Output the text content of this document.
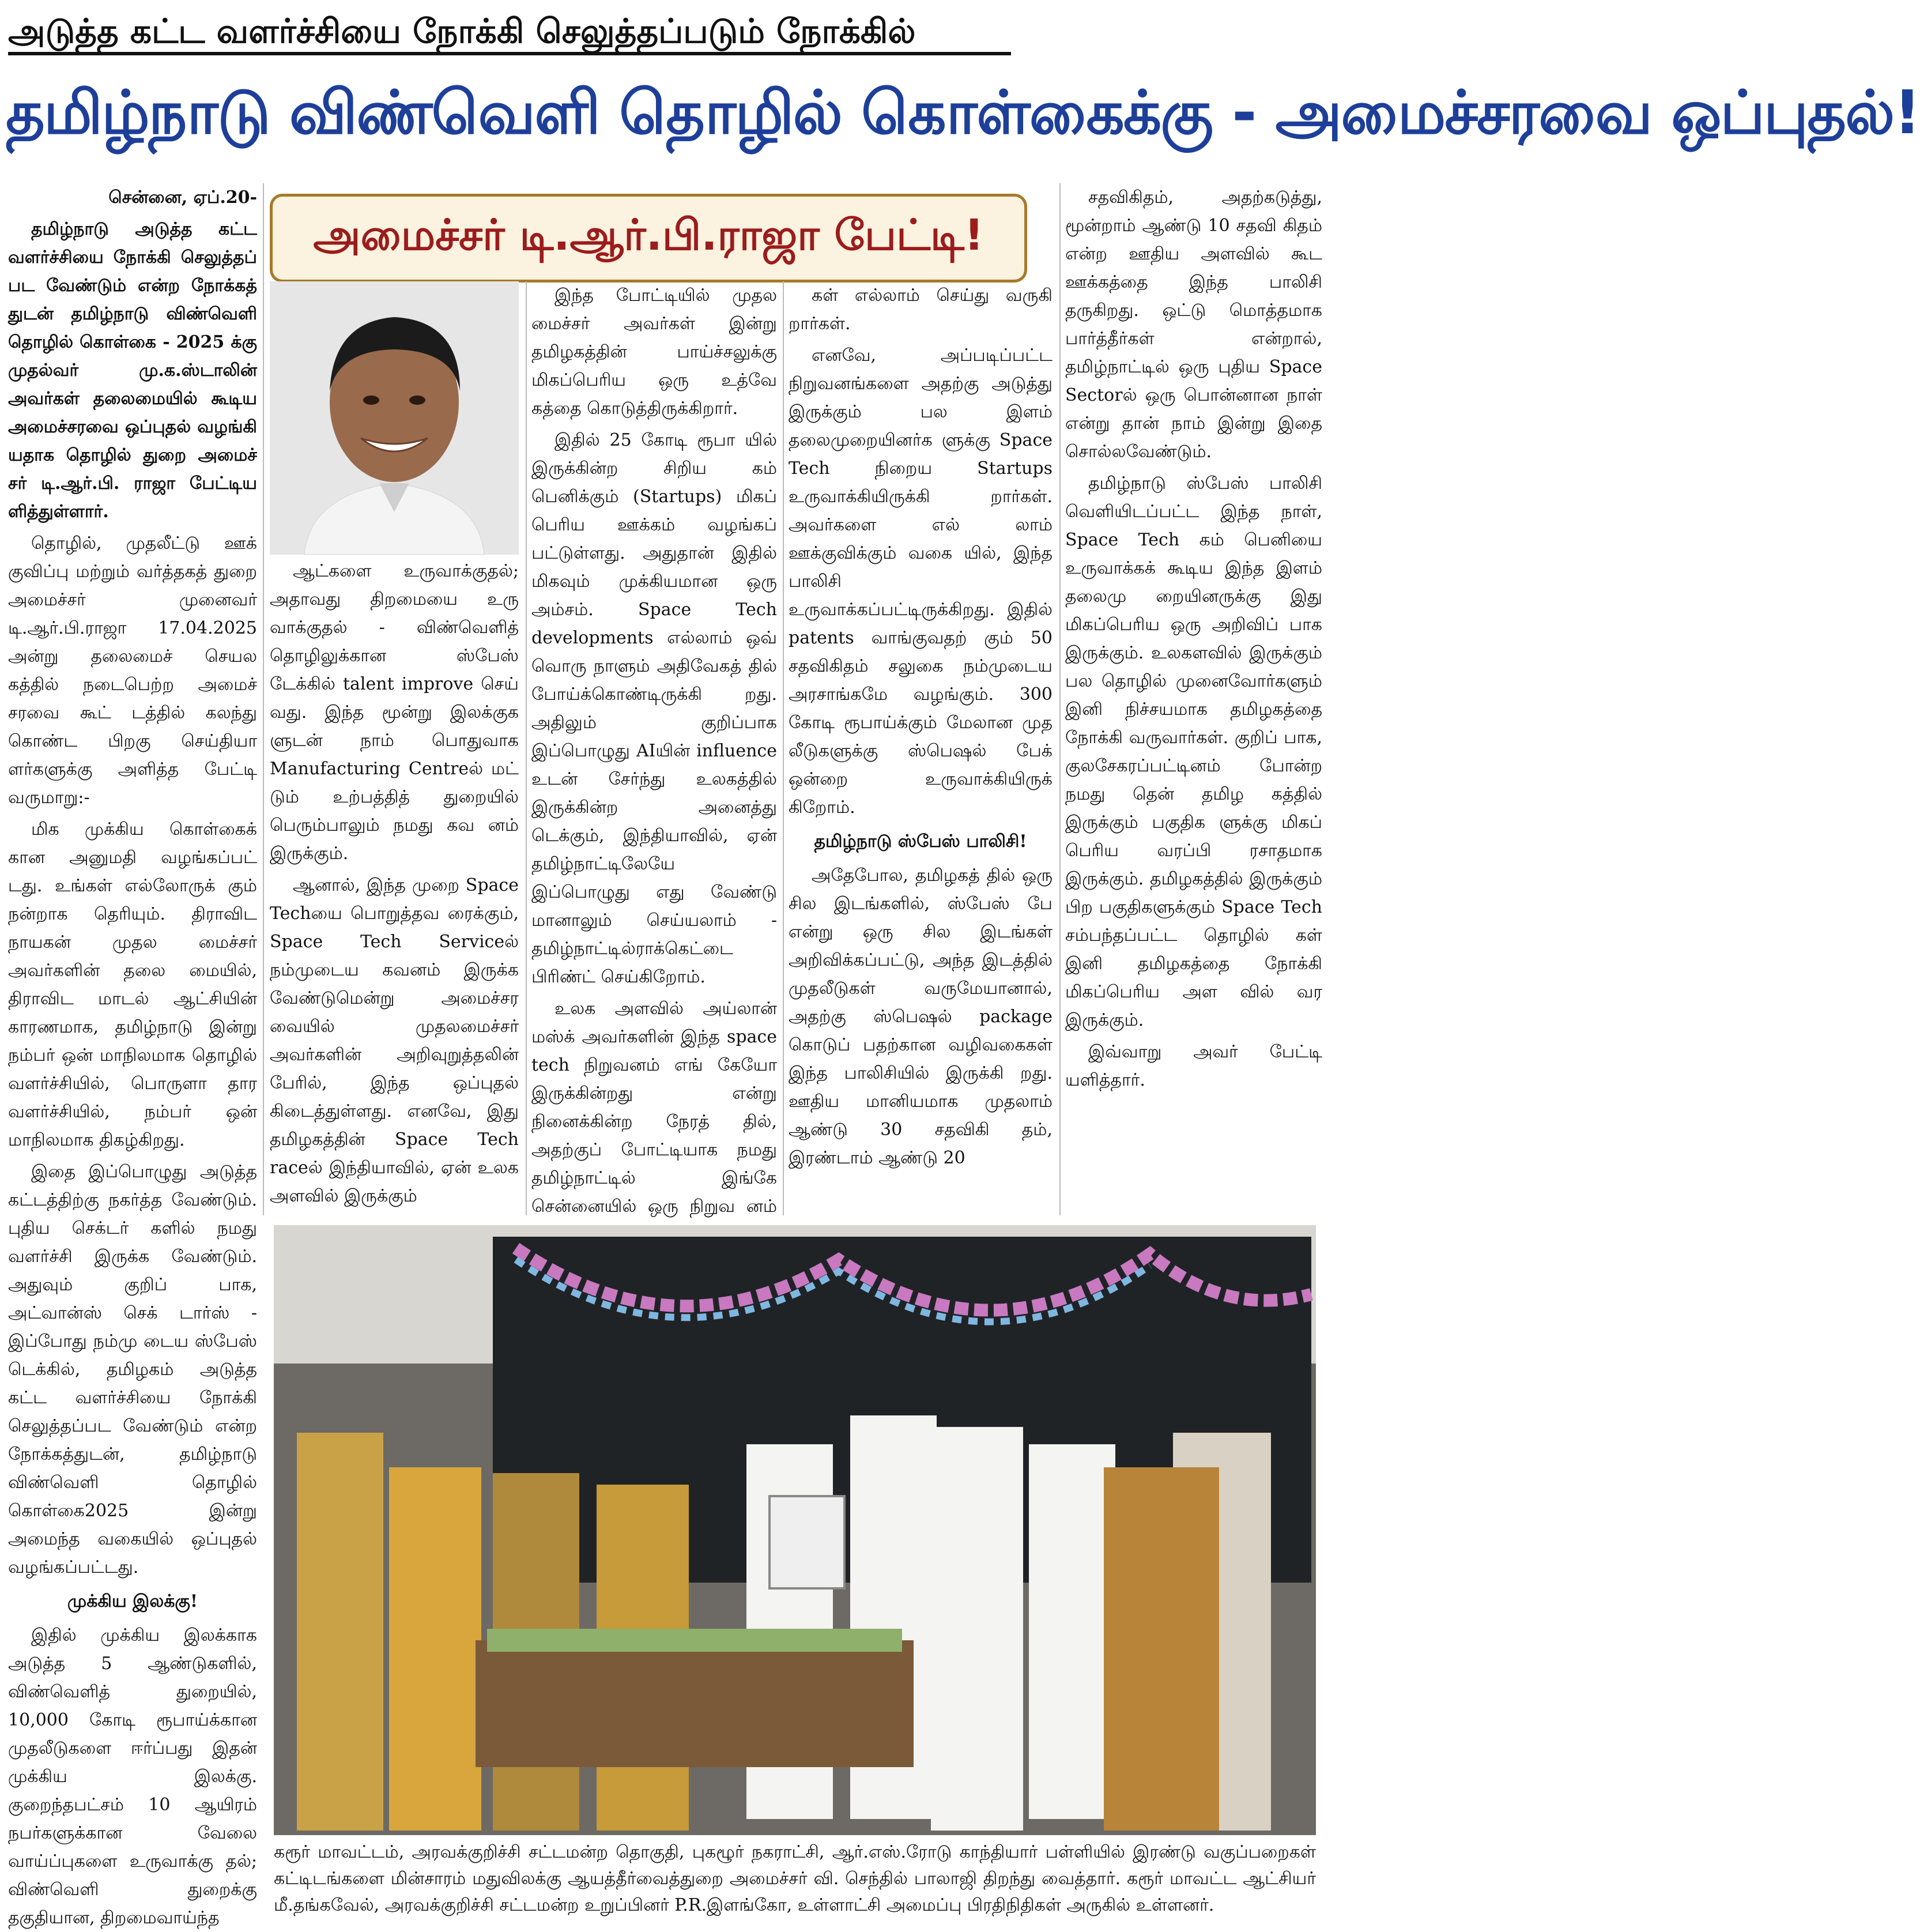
அடுத்த கட்ட வளர்ச்சியை நோக்கி செலுத்தப்படும் நோக்கில்
தமிழ்நாடு விண்வெளி தொழில் கொள்கைக்கு - அமைச்சரவை ஒப்புதல்!

சென்னை, ஏப்.20-

தமிழ்நாடு அடுத்த கட்ட வளர்ச்சியை நோக்கி செலுத்தப் பட வேண்டும் என்ற நோக்கத் துடன் தமிழ்நாடு விண்வெளி தொழில் கொள்கை - 2025 க்கு முதல்வர் மு.க.ஸ்டாலின் அவர்கள் தலைமையில் கூடிய அமைச்சரவை ஒப்புதல் வழங்கி யதாக தொழில் துறை அமைச் சர் டி.ஆர்.பி. ராஜா பேட்டிய ளித்துள்ளார்.

தொழில், முதலீட்டு ஊக் குவிப்பு மற்றும் வர்த்தகத் துறை அமைச்சர் முனைவர் டி.ஆர்.பி.ராஜா 17.04.2025 அன்று தலைமைச் செயல கத்தில் நடைபெற்ற அமைச் சரவை கூட் டத்தில் கலந்து கொண்ட பிறகு செய்தியா ளர்களுக்கு அளித்த பேட்டி வருமாறு:-

மிக முக்கிய கொள்கைக் கான அனுமதி வழங்கப்பட் டது. உங்கள் எல்லோருக் கும் நன்றாக தெரியும். திராவிட நாயகன் முதல மைச்சர் அவர்களின் தலை மையில், திராவிட மாடல் ஆட்சியின் காரணமாக, தமிழ்நாடு இன்று நம்பர் ஒன் மாநிலமாக தொழில் வளர்ச்சியில், பொருளா தார வளர்ச்சியில், நம்பர் ஒன் மாநிலமாக திகழ்கிறது.

இதை இப்பொழுது அடுத்த கட்டத்திற்கு நகர்த்த வேண்டும். புதிய செக்டர் களில் நமது வளர்ச்சி இருக்க வேண்டும். அதுவும் குறிப் பாக, அட்வான்ஸ் செக் டார்ஸ் - இப்போது நம்மு டைய ஸ்பேஸ் டெக்கில், தமிழகம் அடுத்த கட்ட வளர்ச்சியை நோக்கி செலுத்தப்பட வேண்டும் என்ற நோக்கத்துடன், தமிழ்நாடு விண்வெளி தொழில் கொள்கை2025 இன்று அமைந்த வகையில் ஒப்புதல் வழங்கப்பட்டது.

முக்கிய இலக்கு!

இதில் முக்கிய இலக்காக அடுத்த 5 ஆண்டுகளில், விண்வெளித் துறையில், 10,000 கோடி ரூபாய்க்கான முதலீடுகளை ஈர்ப்பது இதன் முக்கிய இலக்கு. குறைந்தபட்சம் 10 ஆயிரம் நபர்களுக்கான வேலை வாய்ப்புகளை உருவாக்கு தல்; விண்வெளி துறைக்கு தகுதியான, திறமைவாய்ந்த

அமைச்சர் டி.ஆர்.பி.ராஜா பேட்டி!

ஆட்களை உருவாக்குதல்; அதாவது திறமையை உரு வாக்குதல் - விண்வெளித் தொழிலுக்கான ஸ்பேஸ் டேக்கில் talent improve செய் வது. இந்த மூன்று இலக்குக ளுடன் நாம் பொதுவாக Manufacturing Centreல் மட் டும் உற்பத்தித் துறையில் பெரும்பாலும் நமது கவ னம் இருக்கும்.

ஆனால், இந்த முறை Space Techயை பொறுத்தவ ரைக்கும், Space Tech Serviceல் நம்முடைய கவனம் இருக்க வேண்டுமென்று அமைச்சர வையில் முதலமைச்சர் அவர்களின் அறிவுறுத்தலின் பேரில், இந்த ஒப்புதல் கிடைத்துள்ளது. எனவே, இது தமிழகத்தின் Space Tech raceல் இந்தியாவில், ஏன் உலக அளவில் இருக்கும்

இந்த போட்டியில் முதல மைச்சர் அவர்கள் இன்று தமிழகத்தின் பாய்ச்சலுக்கு மிகப்பெரிய ஒரு உத்வே கத்தை கொடுத்திருக்கிறார்.

இதில் 25 கோடி ரூபா யில் இருக்கின்ற சிறிய கம் பெனிக்கும் (Startups) மிகப் பெரிய ஊக்கம் வழங்கப் பட்டுள்ளது. அதுதான் இதில் மிகவும் முக்கியமான ஒரு அம்சம். Space Tech developments எல்லாம் ஒவ் வொரு நாளும் அதிவேகத் தில் போய்க்கொண்டிருக்கி றது. அதிலும் குறிப்பாக இப்பொழுது AIயின் influence உடன் சேர்ந்து உலகத்தில் இருக்கின்ற அனைத்து டெக்கும், இந்தியாவில், ஏன் தமிழ்நாட்டிலேயே இப்பொழுது எது வேண்டு மானாலும் செய்யலாம் - தமிழ்நாட்டில்ராக்கெட்டை பிரிண்ட் செய்கிறோம்.

உலக அளவில் அய்லான் மஸ்க் அவர்களின் இந்த space tech நிறுவனம் எங் கேயோ இருக்கின்றது என்று நினைக்கின்ற நேரத் தில், அதற்குப் போட்டியாக நமது தமிழ்நாட்டில் இங்கே சென்னையில் ஒரு நிறுவ னம்

கள் எல்லாம் செய்து வருகி றார்கள்.

எனவே, அப்படிப்பட்ட நிறுவனங்களை அதற்கு அடுத்து இருக்கும் பல இளம் தலைமுறையினர்க ளுக்கு Space Tech நிறைய Startups உருவாக்கியிருக்கி றார்கள். அவர்களை எல் லாம் ஊக்குவிக்கும் வகை யில், இந்த பாலிசி உருவாக்கப்பட்டிருக்கிறது. இதில் patents வாங்குவதற் கும் 50 சதவிகிதம் சலுகை நம்முடைய அரசாங்கமே வழங்கும். 300 கோடி ரூபாய்க்கும் மேலான முத லீடுகளுக்கு ஸ்பெஷல் பேக் ஒன்றை உருவாக்கியிருக் கிறோம்.

தமிழ்நாடு ஸ்பேஸ் பாலிசி!

அதேபோல, தமிழகத் தில் ஒரு சில இடங்களில், ஸ்பேஸ் பே என்று ஒரு சில இடங்கள் அறிவிக்கப்பட்டு, அந்த இடத்தில் முதலீடுகள் வருமேயானால், அதற்கு ஸ்பெஷல் package கொடுப் பதற்கான வழிவகைகள் இந்த பாலிசியில் இருக்கி றது. ஊதிய மானியமாக முதலாம் ஆண்டு 30 சதவிகி தம், இரண்டாம் ஆண்டு 20

சதவிகிதம், அதற்கடுத்து, மூன்றாம் ஆண்டு 10 சதவி கிதம் என்ற ஊதிய அளவில் கூட ஊக்கத்தை இந்த பாலிசி தருகிறது. ஒட்டு மொத்தமாக பார்த்தீர்கள் என்றால், தமிழ்நாட்டில் ஒரு புதிய Space Sectorல் ஒரு பொன்னான நாள் என்று தான் நாம் இன்று இதை சொல்லவேண்டும்.

தமிழ்நாடு ஸ்பேஸ் பாலிசி வெளியிடப்பட்ட இந்த நாள், Space Tech கம் பெனியை உருவாக்கக் கூடிய இந்த இளம் தலைமு றையினருக்கு இது மிகப்பெரிய ஒரு அறிவிப் பாக இருக்கும். உலகளவில் இருக்கும் பல தொழில் முனைவோர்களும் இனி நிச்சயமாக தமிழகத்தை நோக்கி வருவார்கள். குறிப் பாக, குலசேகரப்பட்டினம் போன்ற நமது தென் தமிழ கத்தில் இருக்கும் பகுதிக ளுக்கு மிகப் பெரிய வரப்பி ரசாதமாக இருக்கும். தமிழகத்தில் இருக்கும் பிற பகுதிகளுக்கும் Space Tech சம்பந்தப்பட்ட தொழில் கள் இனி தமிழகத்தை நோக்கி மிகப்பெரிய அள வில் வர இருக்கும்.

இவ்வாறு அவர் பேட்டி யளித்தார்.

கரூர் மாவட்டம், அரவக்குறிச்சி சட்டமன்ற தொகுதி, புகழூர் நகராட்சி, ஆர்.எஸ்.ரோடு காந்தியார் பள்ளியில் இரண்டு வகுப்பறைகள் கட்டிடங்களை மின்சாரம் மதுவிலக்கு ஆயத்தீர்வைத்துறை அமைச்சர் வி. செந்தில் பாலாஜி திறந்து வைத்தார். கரூர் மாவட்ட ஆட்சியர் மீ.தங்கவேல், அரவக்குறிச்சி சட்டமன்ற உறுப்பினர் P.R.இளங்கோ, உள்ளாட்சி அமைப்பு பிரதிநிதிகள் அருகில் உள்ளனர்.
